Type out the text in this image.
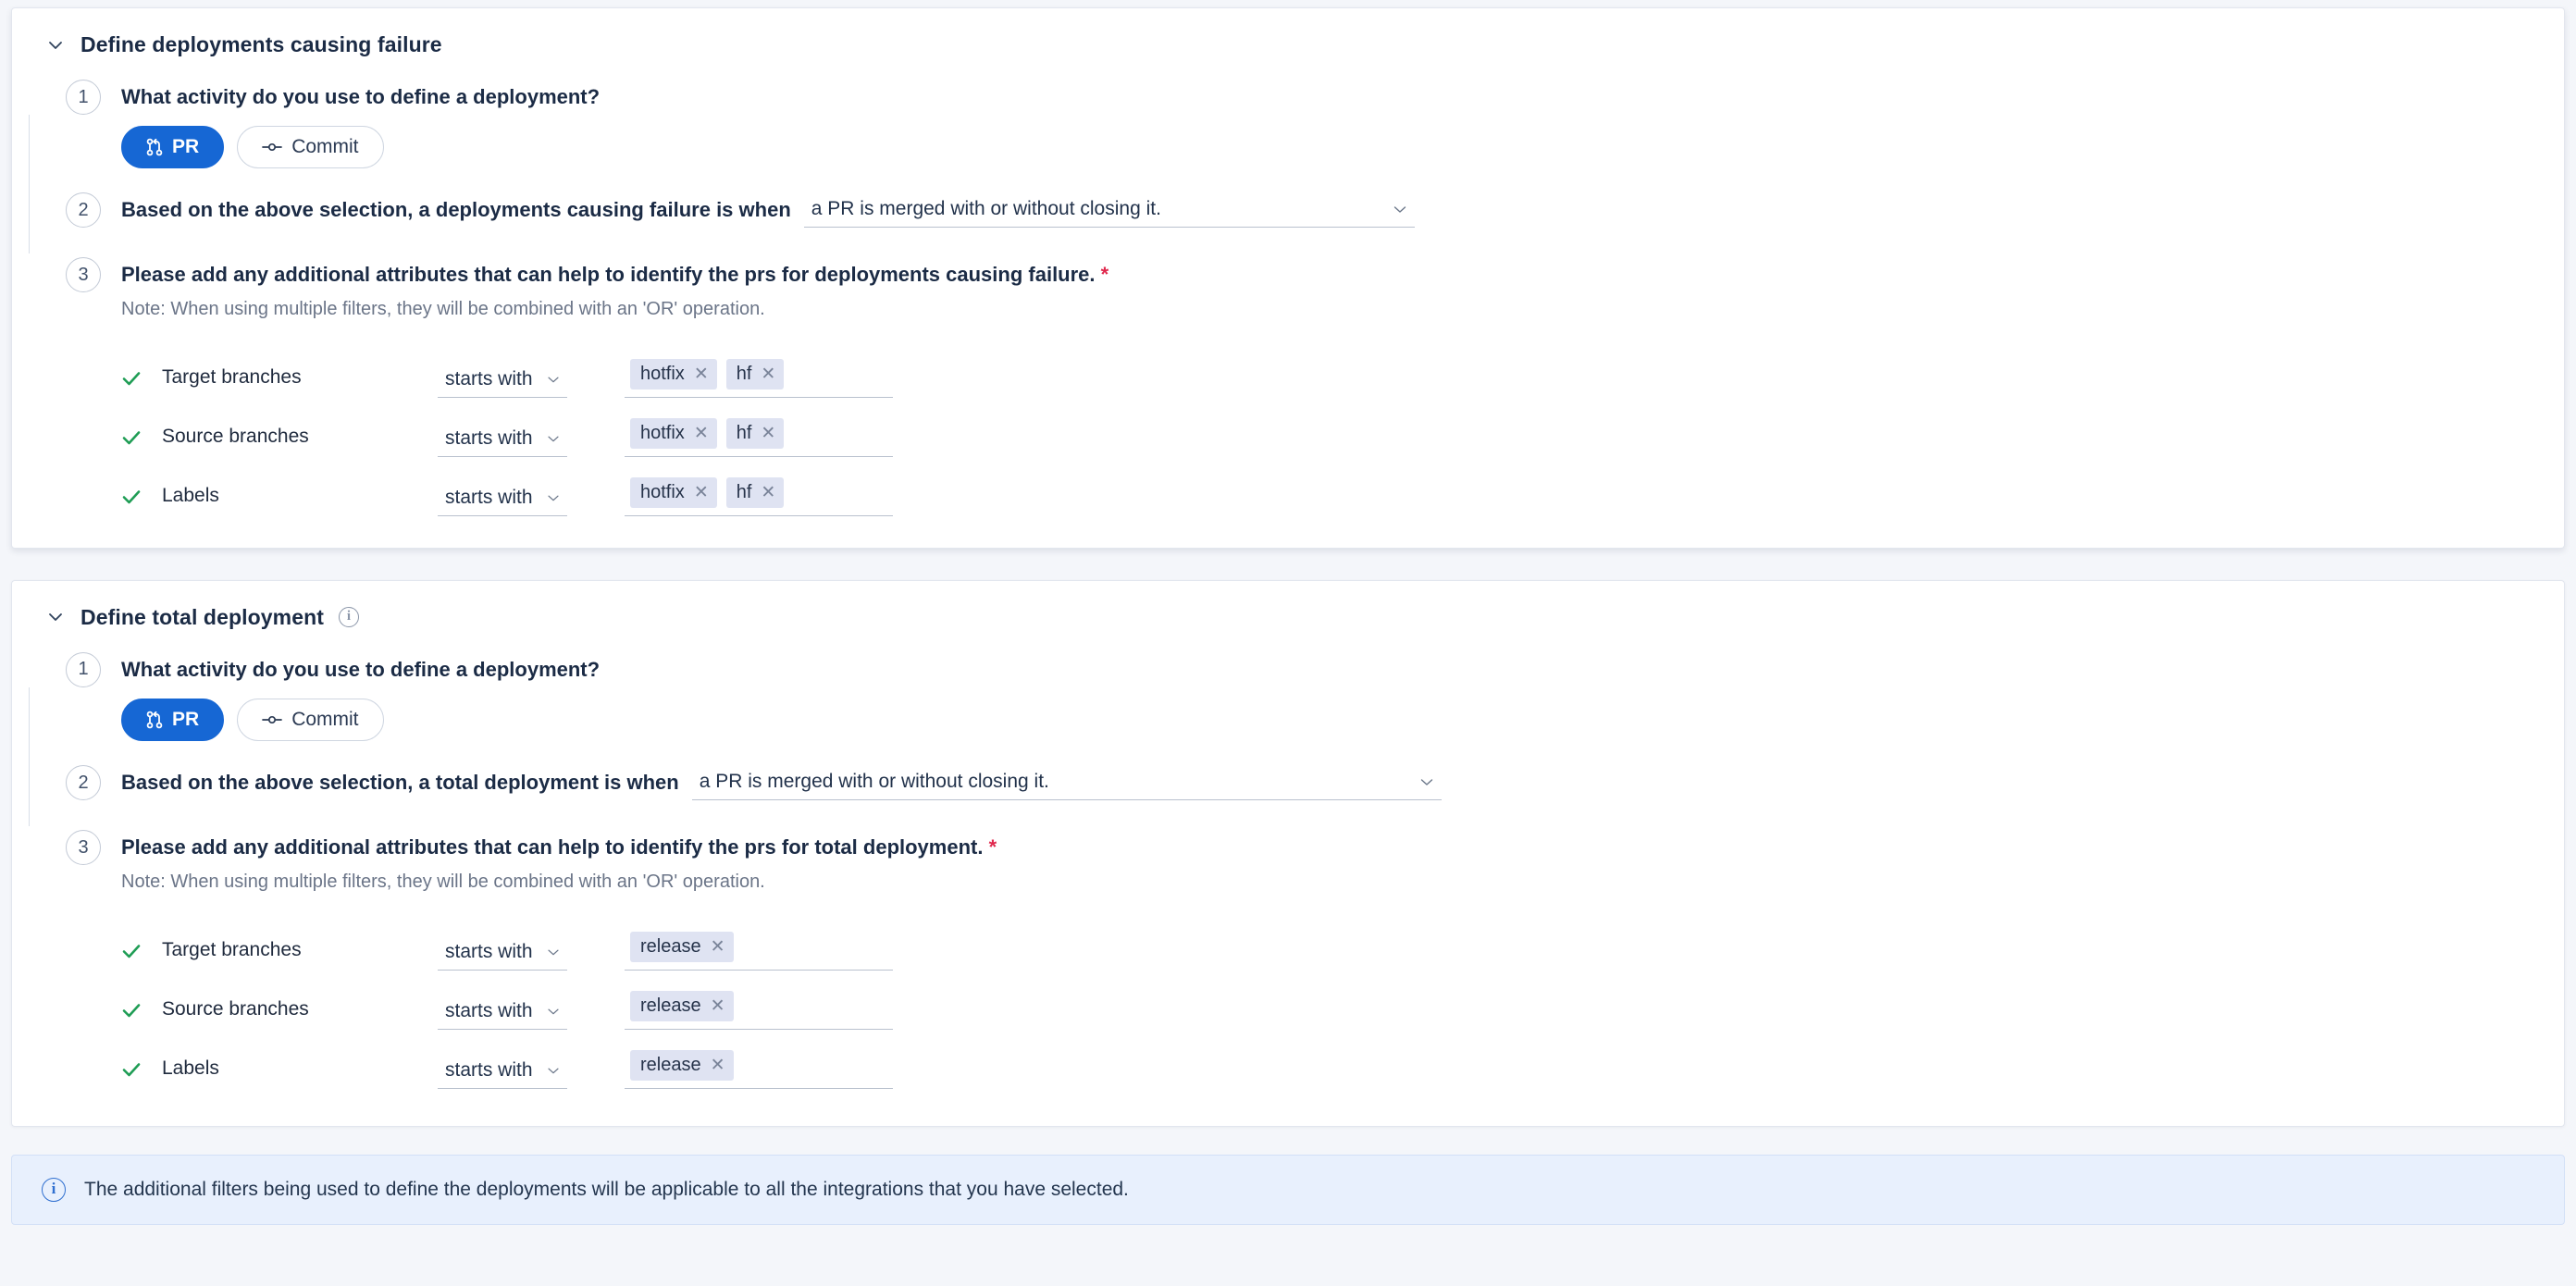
Define deployments causing failure
1	What activity do you use to define a deployment?
PR	Commit
2	Based on the above selection, a deployments causing failure is when a PR is merged with or without closing it.
3	Please add any additional attributes that can help to identify the prs for deployments causing failure. *
Note: When using multiple filters, they will be combined with an 'OR' operation.
Target branches	starts with	hotfix ✕ hf ✕
Source branches	starts with	hotfix ✕ hf ✕
Labels	starts with	hotfix ✕ hf ✕
Define total deployment	i
1	What activity do you use to define a deployment?
PR	Commit
2	Based on the above selection, a total deployment is when a PR is merged with or without closing it.
3	Please add any additional attributes that can help to identify the prs for total deployment. *
Note: When using multiple filters, they will be combined with an 'OR' operation.
Target branches	starts with	release ✕
Source branches	starts with	release ✕
Labels	starts with	release ✕
i	The additional filters being used to define the deployments will be applicable to all the integrations that you have selected.
